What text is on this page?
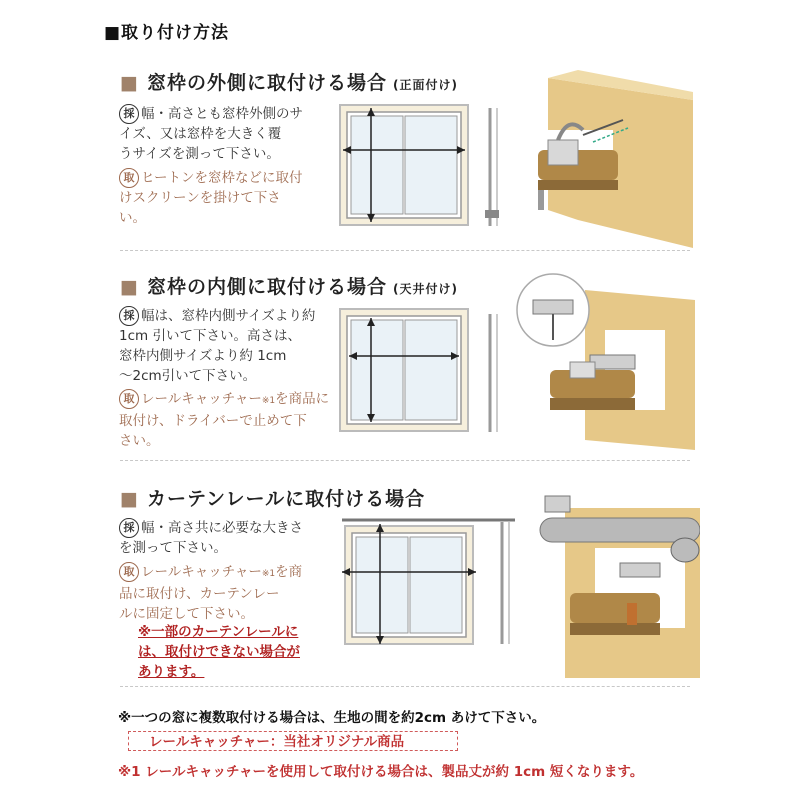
■取り付け方法
■ 窓枠の外側に取付ける場合 (正面付け)
採 幅・高さとも窓枠外側のサ
イズ、又は窓枠を大きく覆
うサイズを測って下さい。
取 ヒートンを窓枠などに取付
けスクリーンを掛けて下さ
い。
■ 窓枠の内側に取付ける場合 (天井付け)
採 幅は、窓枠内側サイズより約
1cm 引いて下さい。高さは、
窓枠内側サイズより約 1cm
〜2cm引いて下さい。
取 レールキャッチャー※1を商品に
取付け、ドライバーで止めて下
さい。
■ カーテンレールに取付ける場合
採 幅・高さ共に必要な大きさ
を測って下さい。
取 レールキャッチャー※1を商
品に取付け、カーテンレー
ルに固定して下さい。
※一部のカーテンレールに
は、取付けできない場合が
あります。
※一つの窓に複数取付ける場合は、生地の間を約2cm あけて下さい。
レールキャッチャー：当社オリジナル商品
※1 レールキャッチャーを使用して取付ける場合は、製品丈が約 1cm 短くなります。
